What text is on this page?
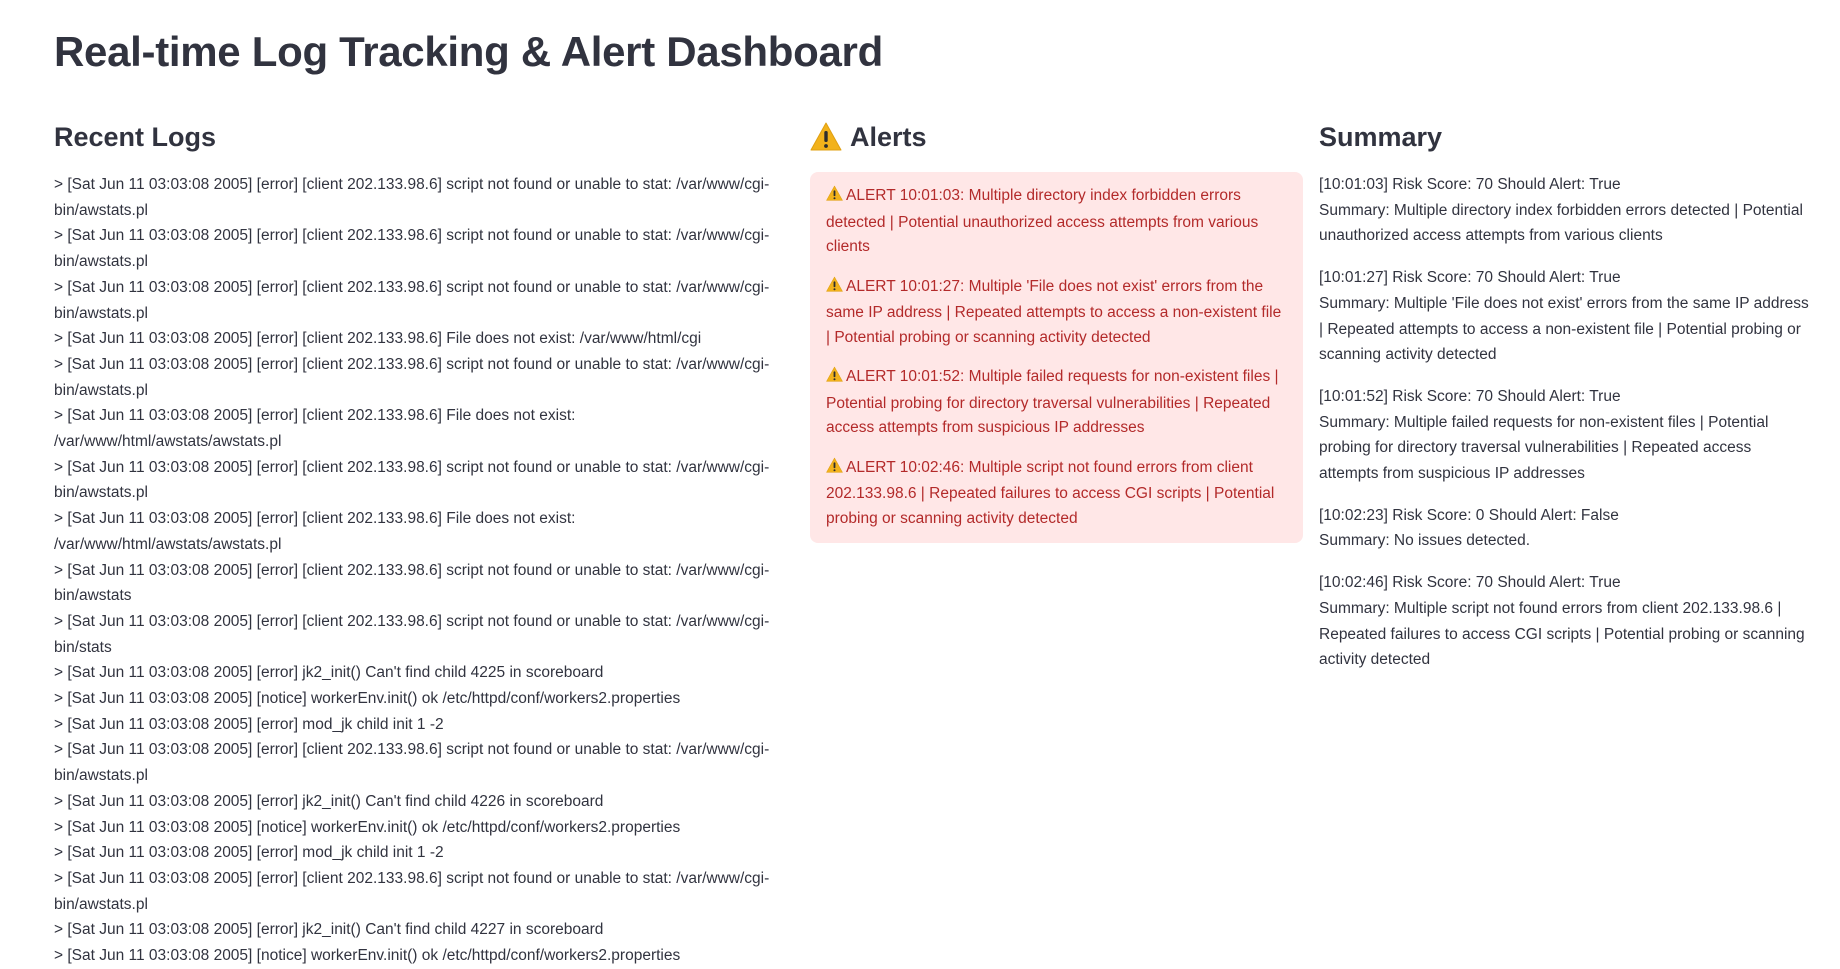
Real-time Log Tracking & Alert Dashboard
Recent Logs
> [Sat Jun 11 03:03:08 2005] [error] [client 202.133.98.6] script not found or unable to stat: /var/www/cgi-bin/awstats.pl
> [Sat Jun 11 03:03:08 2005] [error] [client 202.133.98.6] script not found or unable to stat: /var/www/cgi-bin/awstats.pl
> [Sat Jun 11 03:03:08 2005] [error] [client 202.133.98.6] script not found or unable to stat: /var/www/cgi-bin/awstats.pl
> [Sat Jun 11 03:03:08 2005] [error] [client 202.133.98.6] File does not exist: /var/www/html/cgi
> [Sat Jun 11 03:03:08 2005] [error] [client 202.133.98.6] script not found or unable to stat: /var/www/cgi-bin/awstats.pl
> [Sat Jun 11 03:03:08 2005] [error] [client 202.133.98.6] File does not exist: /var/www/html/awstats/awstats.pl
> [Sat Jun 11 03:03:08 2005] [error] [client 202.133.98.6] script not found or unable to stat: /var/www/cgi-bin/awstats.pl
> [Sat Jun 11 03:03:08 2005] [error] [client 202.133.98.6] File does not exist: /var/www/html/awstats/awstats.pl
> [Sat Jun 11 03:03:08 2005] [error] [client 202.133.98.6] script not found or unable to stat: /var/www/cgi-bin/awstats
> [Sat Jun 11 03:03:08 2005] [error] [client 202.133.98.6] script not found or unable to stat: /var/www/cgi-bin/stats
> [Sat Jun 11 03:03:08 2005] [error] jk2_init() Can't find child 4225 in scoreboard
> [Sat Jun 11 03:03:08 2005] [notice] workerEnv.init() ok /etc/httpd/conf/workers2.properties
> [Sat Jun 11 03:03:08 2005] [error] mod_jk child init 1 -2
> [Sat Jun 11 03:03:08 2005] [error] [client 202.133.98.6] script not found or unable to stat: /var/www/cgi-bin/awstats.pl
> [Sat Jun 11 03:03:08 2005] [error] jk2_init() Can't find child 4226 in scoreboard
> [Sat Jun 11 03:03:08 2005] [notice] workerEnv.init() ok /etc/httpd/conf/workers2.properties
> [Sat Jun 11 03:03:08 2005] [error] mod_jk child init 1 -2
> [Sat Jun 11 03:03:08 2005] [error] [client 202.133.98.6] script not found or unable to stat: /var/www/cgi-bin/awstats.pl
> [Sat Jun 11 03:03:08 2005] [error] jk2_init() Can't find child 4227 in scoreboard
> [Sat Jun 11 03:03:08 2005] [notice] workerEnv.init() ok /etc/httpd/conf/workers2.properties
Alerts

ALERT 10:01:03: Multiple directory index forbidden errors detected | Potential unauthorized access attempts from various clients

ALERT 10:01:27: Multiple 'File does not exist' errors from the same IP address | Repeated attempts to access a non-existent file | Potential probing or scanning activity detected

ALERT 10:01:52: Multiple failed requests for non-existent files | Potential probing for directory traversal vulnerabilities | Repeated access attempts from suspicious IP addresses

ALERT 10:02:46: Multiple script not found errors from client 202.133.98.6 | Repeated failures to access CGI scripts | Potential probing or scanning activity detected

Summary
[10:01:03] Risk Score: 70 Should Alert: True
Summary: Multiple directory index forbidden errors detected | Potential unauthorized access attempts from various clients
[10:01:27] Risk Score: 70 Should Alert: True
Summary: Multiple 'File does not exist' errors from the same IP address | Repeated attempts to access a non-existent file | Potential probing or scanning activity detected
[10:01:52] Risk Score: 70 Should Alert: True
Summary: Multiple failed requests for non-existent files | Potential probing for directory traversal vulnerabilities | Repeated access attempts from suspicious IP addresses
[10:02:23] Risk Score: 0 Should Alert: False
Summary: No issues detected.
[10:02:46] Risk Score: 70 Should Alert: True
Summary: Multiple script not found errors from client 202.133.98.6 | Repeated failures to access CGI scripts | Potential probing or scanning activity detected
